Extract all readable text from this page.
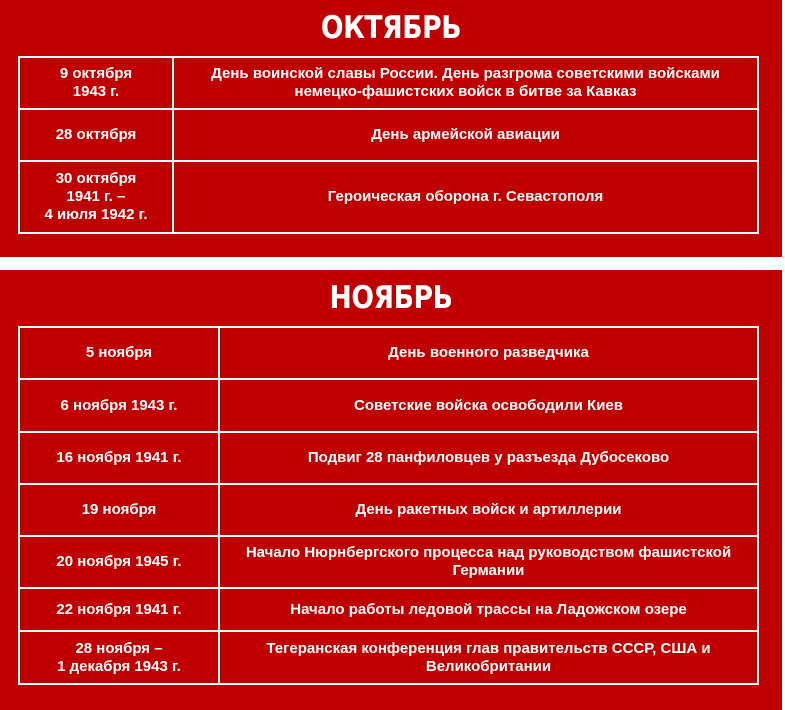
ОКТЯБРЬ
9 октября
1943 г.	День воинской славы России. День разгрома советскими войсками немецко-фашистских войск в битве за Кавказ
28 октября	День армейской авиации
30 октября
1941 г. –
4 июля 1942 г.	Героическая оборона г. Севастополя
НОЯБРЬ
5 ноября	День военного разведчика
6 ноября 1943 г.	Советские войска освободили Киев
16 ноября 1941 г.	Подвиг 28 панфиловцев у разъезда Дубосеково
19 ноября	День ракетных войск и артиллерии
20 ноября 1945 г.	Начало Нюрнбергского процесса над руководством фашистской Германии
22 ноября 1941 г.	Начало работы ледовой трассы на Ладожском озере
28 ноября –
1 декабря 1943 г.	Тегеранская конференция глав правительств СССР, США и Великобритании
